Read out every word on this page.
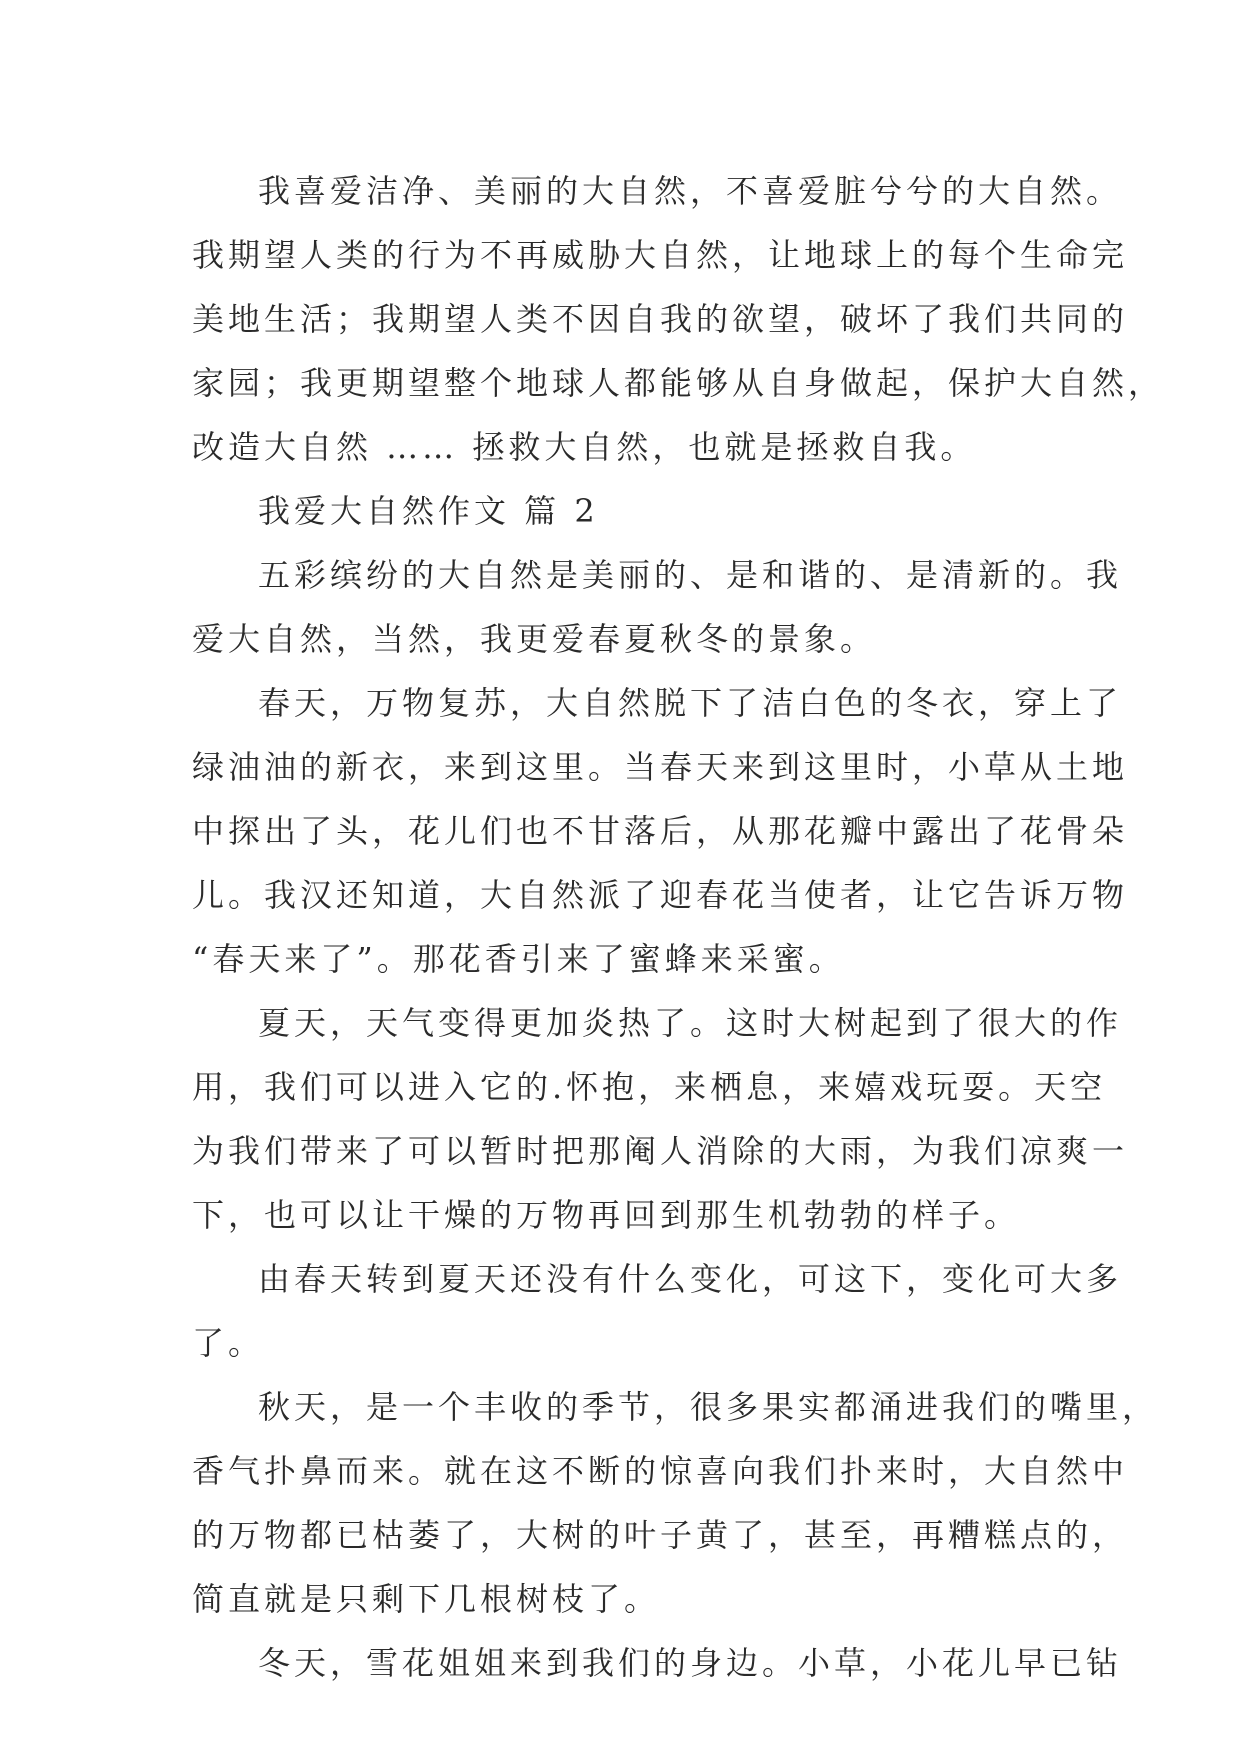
我喜爱洁净、美丽的大自然，不喜爱脏兮兮的大自然。
我期望人类的行为不再威胁大自然，让地球上的每个生命完
美地生活；我期望人类不因自我的欲望，破坏了我们共同的
家园；我更期望整个地球人都能够从自身做起，保护大自然，
改造大自然 …… 拯救大自然，也就是拯救自我。
我爱大自然作文 篇 2
五彩缤纷的大自然是美丽的、是和谐的、是清新的。我
爱大自然，当然，我更爱春夏秋冬的景象。
春天，万物复苏，大自然脱下了洁白色的冬衣，穿上了
绿油油的新衣，来到这里。当春天来到这里时，小草从土地
中探出了头，花儿们也不甘落后，从那花瓣中露出了花骨朵
儿。我汉还知道，大自然派了迎春花当使者，让它告诉万物
“春天来了”。那花香引来了蜜蜂来采蜜。
夏天，天气变得更加炎热了。这时大树起到了很大的作
用，我们可以进入它的.怀抱，来栖息，来嬉戏玩耍。天空
为我们带来了可以暂时把那阉人消除的大雨，为我们凉爽一
下，也可以让干燥的万物再回到那生机勃勃的样子。
由春天转到夏天还没有什么变化，可这下，变化可大多
了。
秋天，是一个丰收的季节，很多果实都涌进我们的嘴里，
香气扑鼻而来。就在这不断的惊喜向我们扑来时，大自然中
的万物都已枯萎了，大树的叶子黄了，甚至，再糟糕点的，
简直就是只剩下几根树枝了。
冬天，雪花姐姐来到我们的身边。小草，小花儿早已钻
